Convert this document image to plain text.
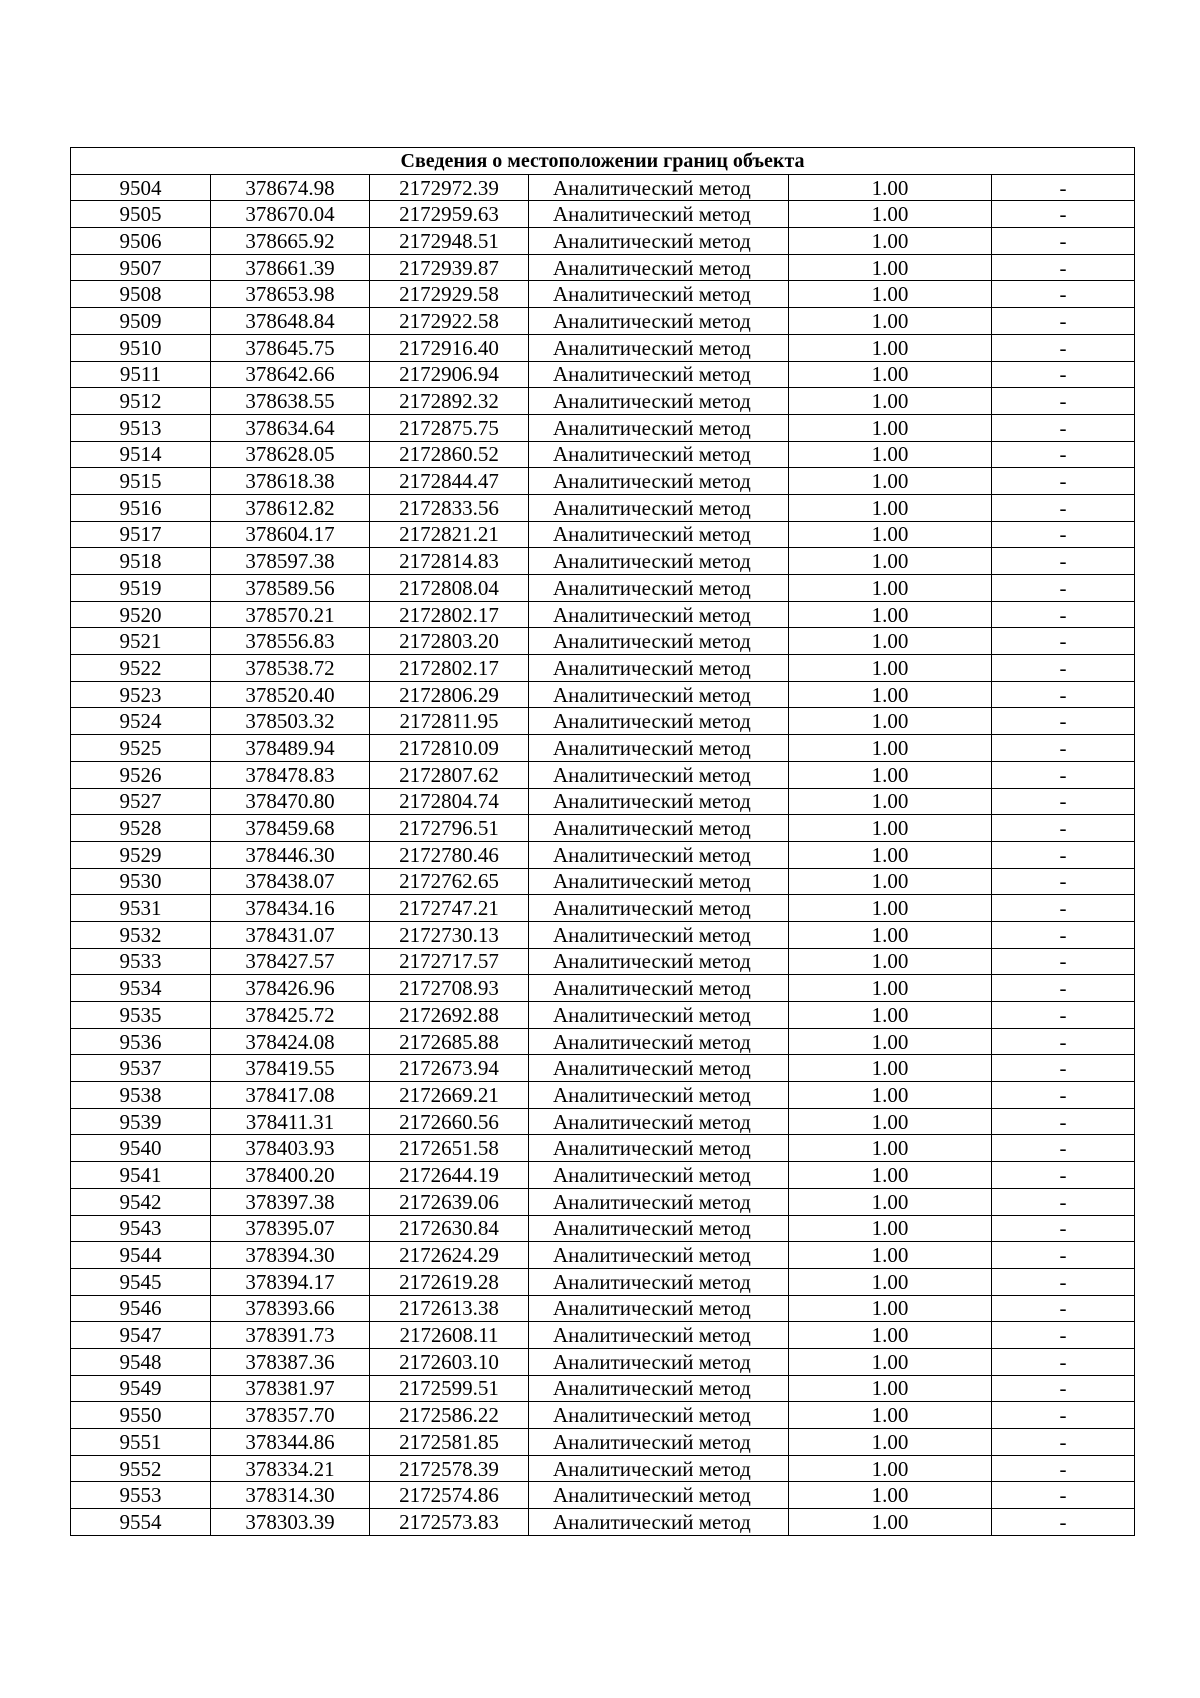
Сведения о местоположении границ объекта					
9504	378674.98	2172972.39	Аналитический метод	1.00	-
9505	378670.04	2172959.63	Аналитический метод	1.00	-
9506	378665.92	2172948.51	Аналитический метод	1.00	-
9507	378661.39	2172939.87	Аналитический метод	1.00	-
9508	378653.98	2172929.58	Аналитический метод	1.00	-
9509	378648.84	2172922.58	Аналитический метод	1.00	-
9510	378645.75	2172916.40	Аналитический метод	1.00	-
9511	378642.66	2172906.94	Аналитический метод	1.00	-
9512	378638.55	2172892.32	Аналитический метод	1.00	-
9513	378634.64	2172875.75	Аналитический метод	1.00	-
9514	378628.05	2172860.52	Аналитический метод	1.00	-
9515	378618.38	2172844.47	Аналитический метод	1.00	-
9516	378612.82	2172833.56	Аналитический метод	1.00	-
9517	378604.17	2172821.21	Аналитический метод	1.00	-
9518	378597.38	2172814.83	Аналитический метод	1.00	-
9519	378589.56	2172808.04	Аналитический метод	1.00	-
9520	378570.21	2172802.17	Аналитический метод	1.00	-
9521	378556.83	2172803.20	Аналитический метод	1.00	-
9522	378538.72	2172802.17	Аналитический метод	1.00	-
9523	378520.40	2172806.29	Аналитический метод	1.00	-
9524	378503.32	2172811.95	Аналитический метод	1.00	-
9525	378489.94	2172810.09	Аналитический метод	1.00	-
9526	378478.83	2172807.62	Аналитический метод	1.00	-
9527	378470.80	2172804.74	Аналитический метод	1.00	-
9528	378459.68	2172796.51	Аналитический метод	1.00	-
9529	378446.30	2172780.46	Аналитический метод	1.00	-
9530	378438.07	2172762.65	Аналитический метод	1.00	-
9531	378434.16	2172747.21	Аналитический метод	1.00	-
9532	378431.07	2172730.13	Аналитический метод	1.00	-
9533	378427.57	2172717.57	Аналитический метод	1.00	-
9534	378426.96	2172708.93	Аналитический метод	1.00	-
9535	378425.72	2172692.88	Аналитический метод	1.00	-
9536	378424.08	2172685.88	Аналитический метод	1.00	-
9537	378419.55	2172673.94	Аналитический метод	1.00	-
9538	378417.08	2172669.21	Аналитический метод	1.00	-
9539	378411.31	2172660.56	Аналитический метод	1.00	-
9540	378403.93	2172651.58	Аналитический метод	1.00	-
9541	378400.20	2172644.19	Аналитический метод	1.00	-
9542	378397.38	2172639.06	Аналитический метод	1.00	-
9543	378395.07	2172630.84	Аналитический метод	1.00	-
9544	378394.30	2172624.29	Аналитический метод	1.00	-
9545	378394.17	2172619.28	Аналитический метод	1.00	-
9546	378393.66	2172613.38	Аналитический метод	1.00	-
9547	378391.73	2172608.11	Аналитический метод	1.00	-
9548	378387.36	2172603.10	Аналитический метод	1.00	-
9549	378381.97	2172599.51	Аналитический метод	1.00	-
9550	378357.70	2172586.22	Аналитический метод	1.00	-
9551	378344.86	2172581.85	Аналитический метод	1.00	-
9552	378334.21	2172578.39	Аналитический метод	1.00	-
9553	378314.30	2172574.86	Аналитический метод	1.00	-
9554	378303.39	2172573.83	Аналитический метод	1.00	-
